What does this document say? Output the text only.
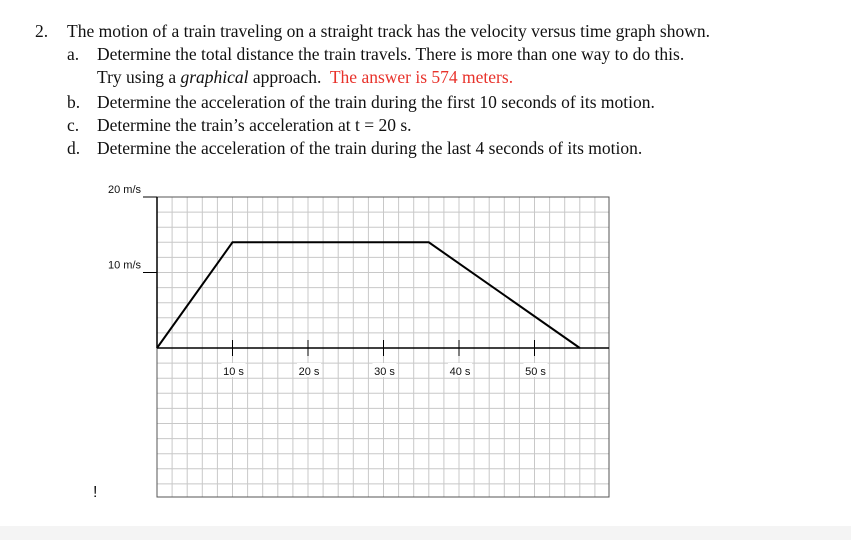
2. The motion of a train traveling on a straight track has the velocity versus time graph shown.
a. Determine the total distance the train travels. There is more than one way to do this.
Try using a graphical approach.  The answer is 574 meters.
b. Determine the acceleration of the train during the first 10 seconds of its motion.
c. Determine the train’s acceleration at t = 20 s.
d. Determine the acceleration of the train during the last 4 seconds of its motion.
20 m/s
10 m/s
10 s	20 s	30 s	40 s	50 s
!
